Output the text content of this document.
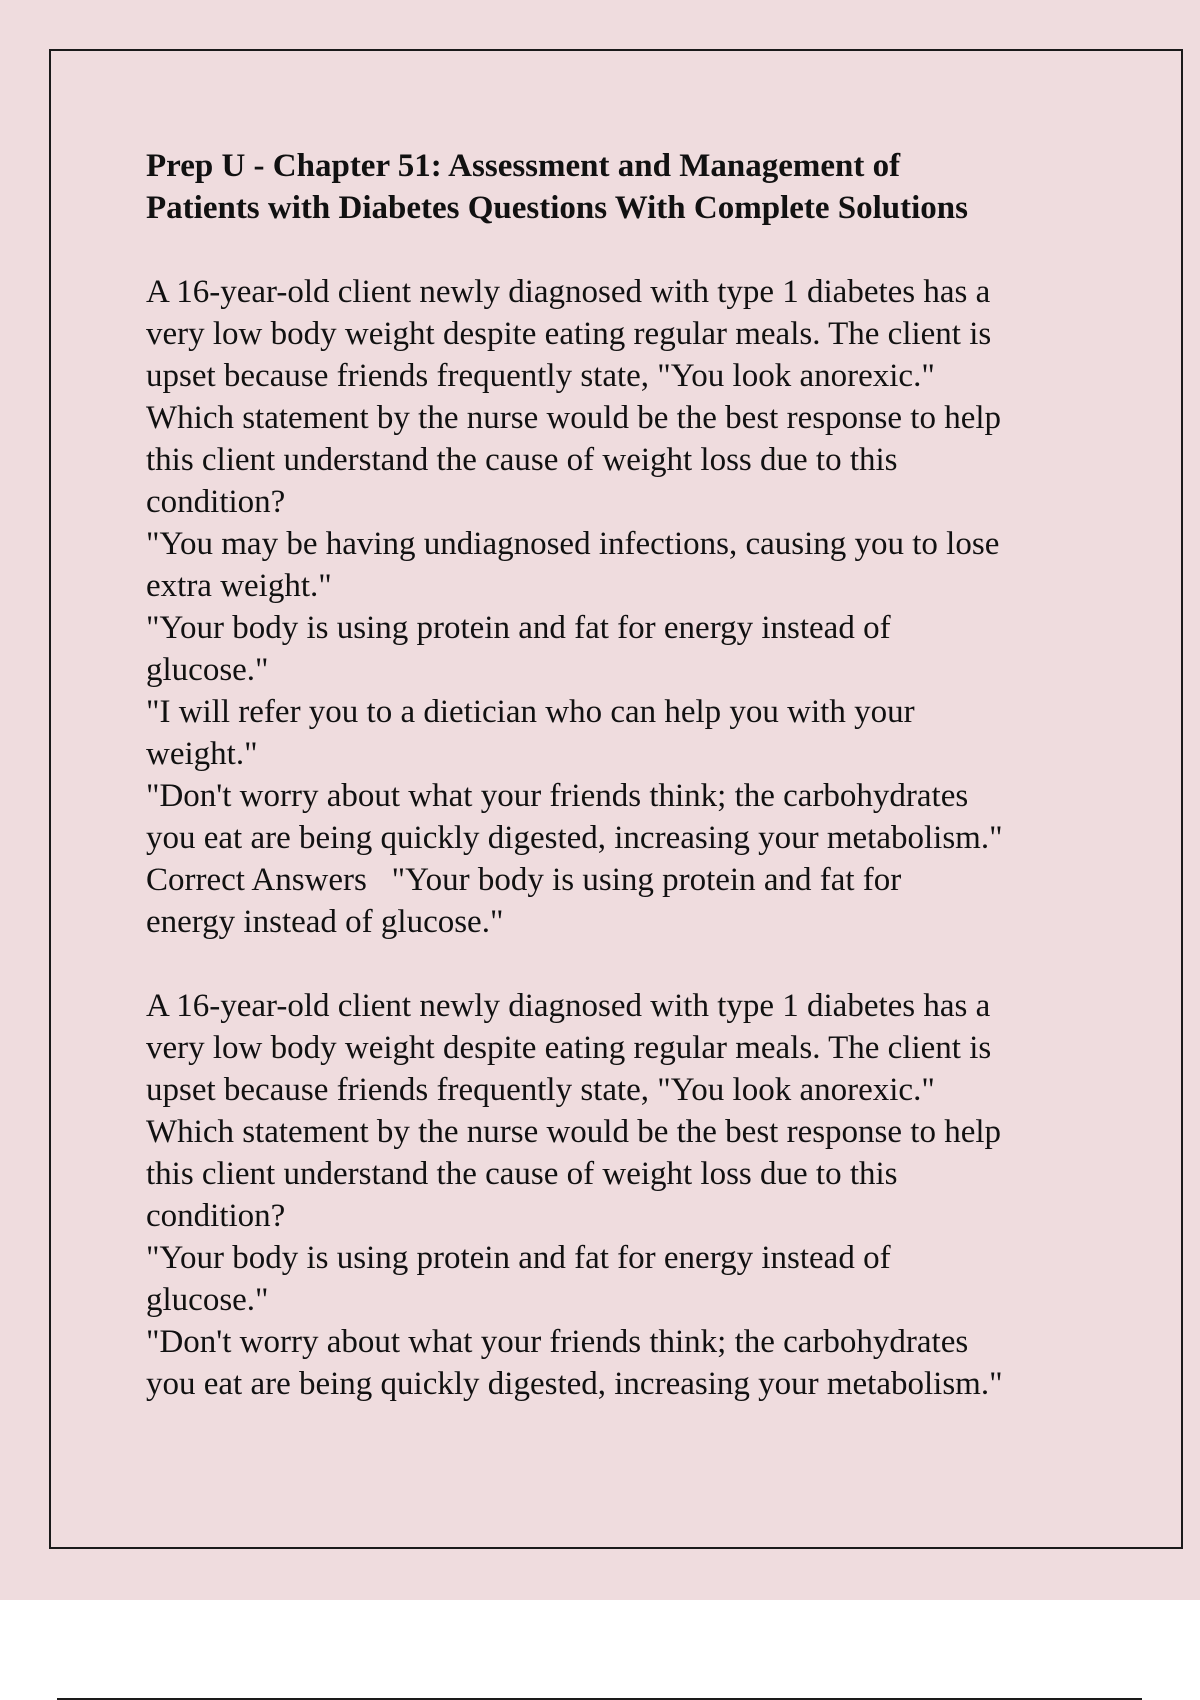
Prep U - Chapter 51: Assessment and Management of
Patients with Diabetes Questions With Complete Solutions
A 16-year-old client newly diagnosed with type 1 diabetes has a
very low body weight despite eating regular meals. The client is
upset because friends frequently state, "You look anorexic."
Which statement by the nurse would be the best response to help
this client understand the cause of weight loss due to this
condition?
"You may be having undiagnosed infections, causing you to lose
extra weight."
"Your body is using protein and fat for energy instead of
glucose."
"I will refer you to a dietician who can help you with your
weight."
"Don't worry about what your friends think; the carbohydrates
you eat are being quickly digested, increasing your metabolism."
Correct Answers   "Your body is using protein and fat for
energy instead of glucose."
A 16-year-old client newly diagnosed with type 1 diabetes has a
very low body weight despite eating regular meals. The client is
upset because friends frequently state, "You look anorexic."
Which statement by the nurse would be the best response to help
this client understand the cause of weight loss due to this
condition?
"Your body is using protein and fat for energy instead of
glucose."
"Don't worry about what your friends think; the carbohydrates
you eat are being quickly digested, increasing your metabolism."
